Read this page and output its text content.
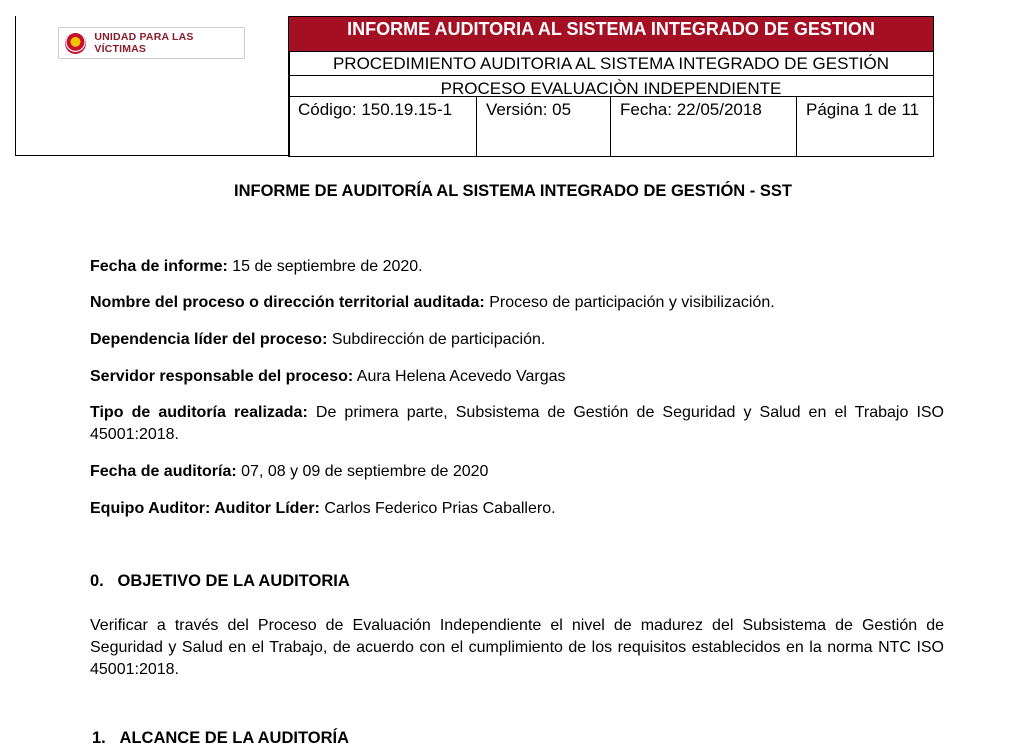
UNIDAD PARA LAS VÍCTIMAS
INFORME AUDITORIA AL SISTEMA INTEGRADO DE GESTION
PROCEDIMIENTO AUDITORIA AL SISTEMA INTEGRADO DE GESTIÓN
PROCESO EVALUACIÒN INDEPENDIENTE
Código: 150.19.15-1	Versión: 05	Fecha: 22/05/2018	Página 1 de 11
INFORME DE AUDITORÍA AL SISTEMA INTEGRADO DE GESTIÓN - SST
Fecha de informe: 15 de septiembre de 2020.
Nombre del proceso o dirección territorial auditada: Proceso de participación y visibilización.
Dependencia líder del proceso: Subdirección de participación.
Servidor responsable del proceso: Aura Helena Acevedo Vargas
Tipo de auditoría realizada: De primera parte, Subsistema de Gestión de Seguridad y Salud en el Trabajo ISO 45001:2018.
Fecha de auditoría: 07, 08 y 09 de septiembre de 2020
Equipo Auditor: Auditor Líder: Carlos Federico Prias Caballero.
0. OBJETIVO DE LA AUDITORIA
Verificar a través del Proceso de Evaluación Independiente el nivel de madurez del Subsistema de Gestión de Seguridad y Salud en el Trabajo, de acuerdo con el cumplimiento de los requisitos establecidos en la norma NTC ISO 45001:2018.
1. ALCANCE DE LA AUDITORÍA
